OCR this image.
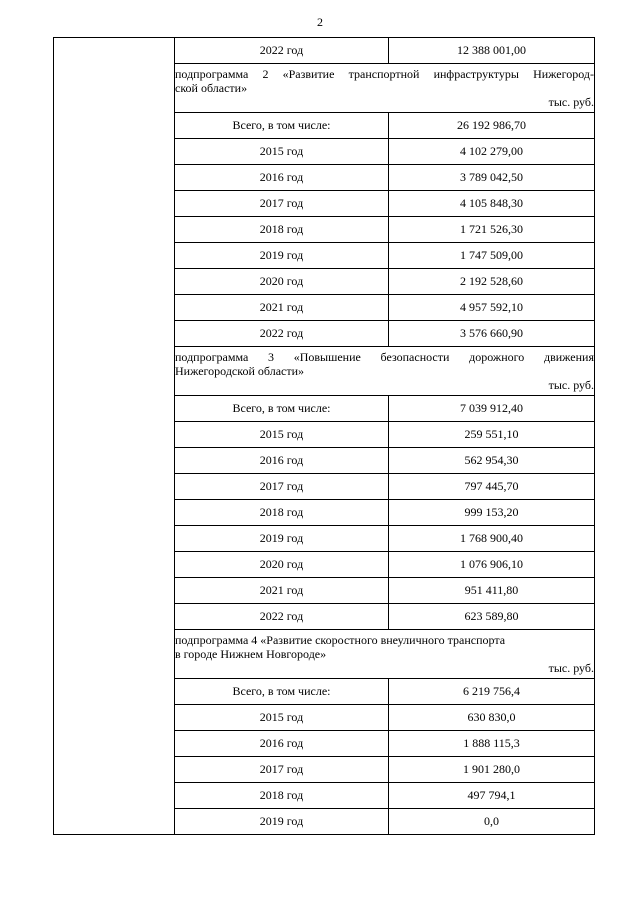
2
	2022 год	12 388 001,00

	подпрограмма 2 «Развитие транспортной инфраструктуры Нижегород-
ской области»
тыс. руб.	

	Всего, в том числе:	26 192 986,70
	2015 год	4 102 279,00
	2016 год	3 789 042,50
	2017 год	4 105 848,30
	2018 год	1 721 526,30
	2019 год	1 747 509,00
	2020 год	2 192 528,60
	2021 год	4 957 592,10
	2022 год	3 576 660,90

	подпрограмма 3 «Повышение безопасности дорожного движения
Нижегородской области»
тыс. руб.	

	Всего, в том числе:	7 039 912,40
	2015 год	259 551,10
	2016 год	562 954,30
	2017 год	797 445,70
	2018 год	999 153,20
	2019 год	1 768 900,40
	2020 год	1 076 906,10
	2021 год	951 411,80
	2022 год	623 589,80

	подпрограмма 4 «Развитие скоростного внеуличного транспорта
в городе Нижнем Новгороде»
тыс. руб.	

	Всего, в том числе:	6 219 756,4
	2015 год	630 830,0
	2016 год	1 888 115,3
	2017 год	1 901 280,0
	2018 год	497 794,1
	2019 год	0,0
